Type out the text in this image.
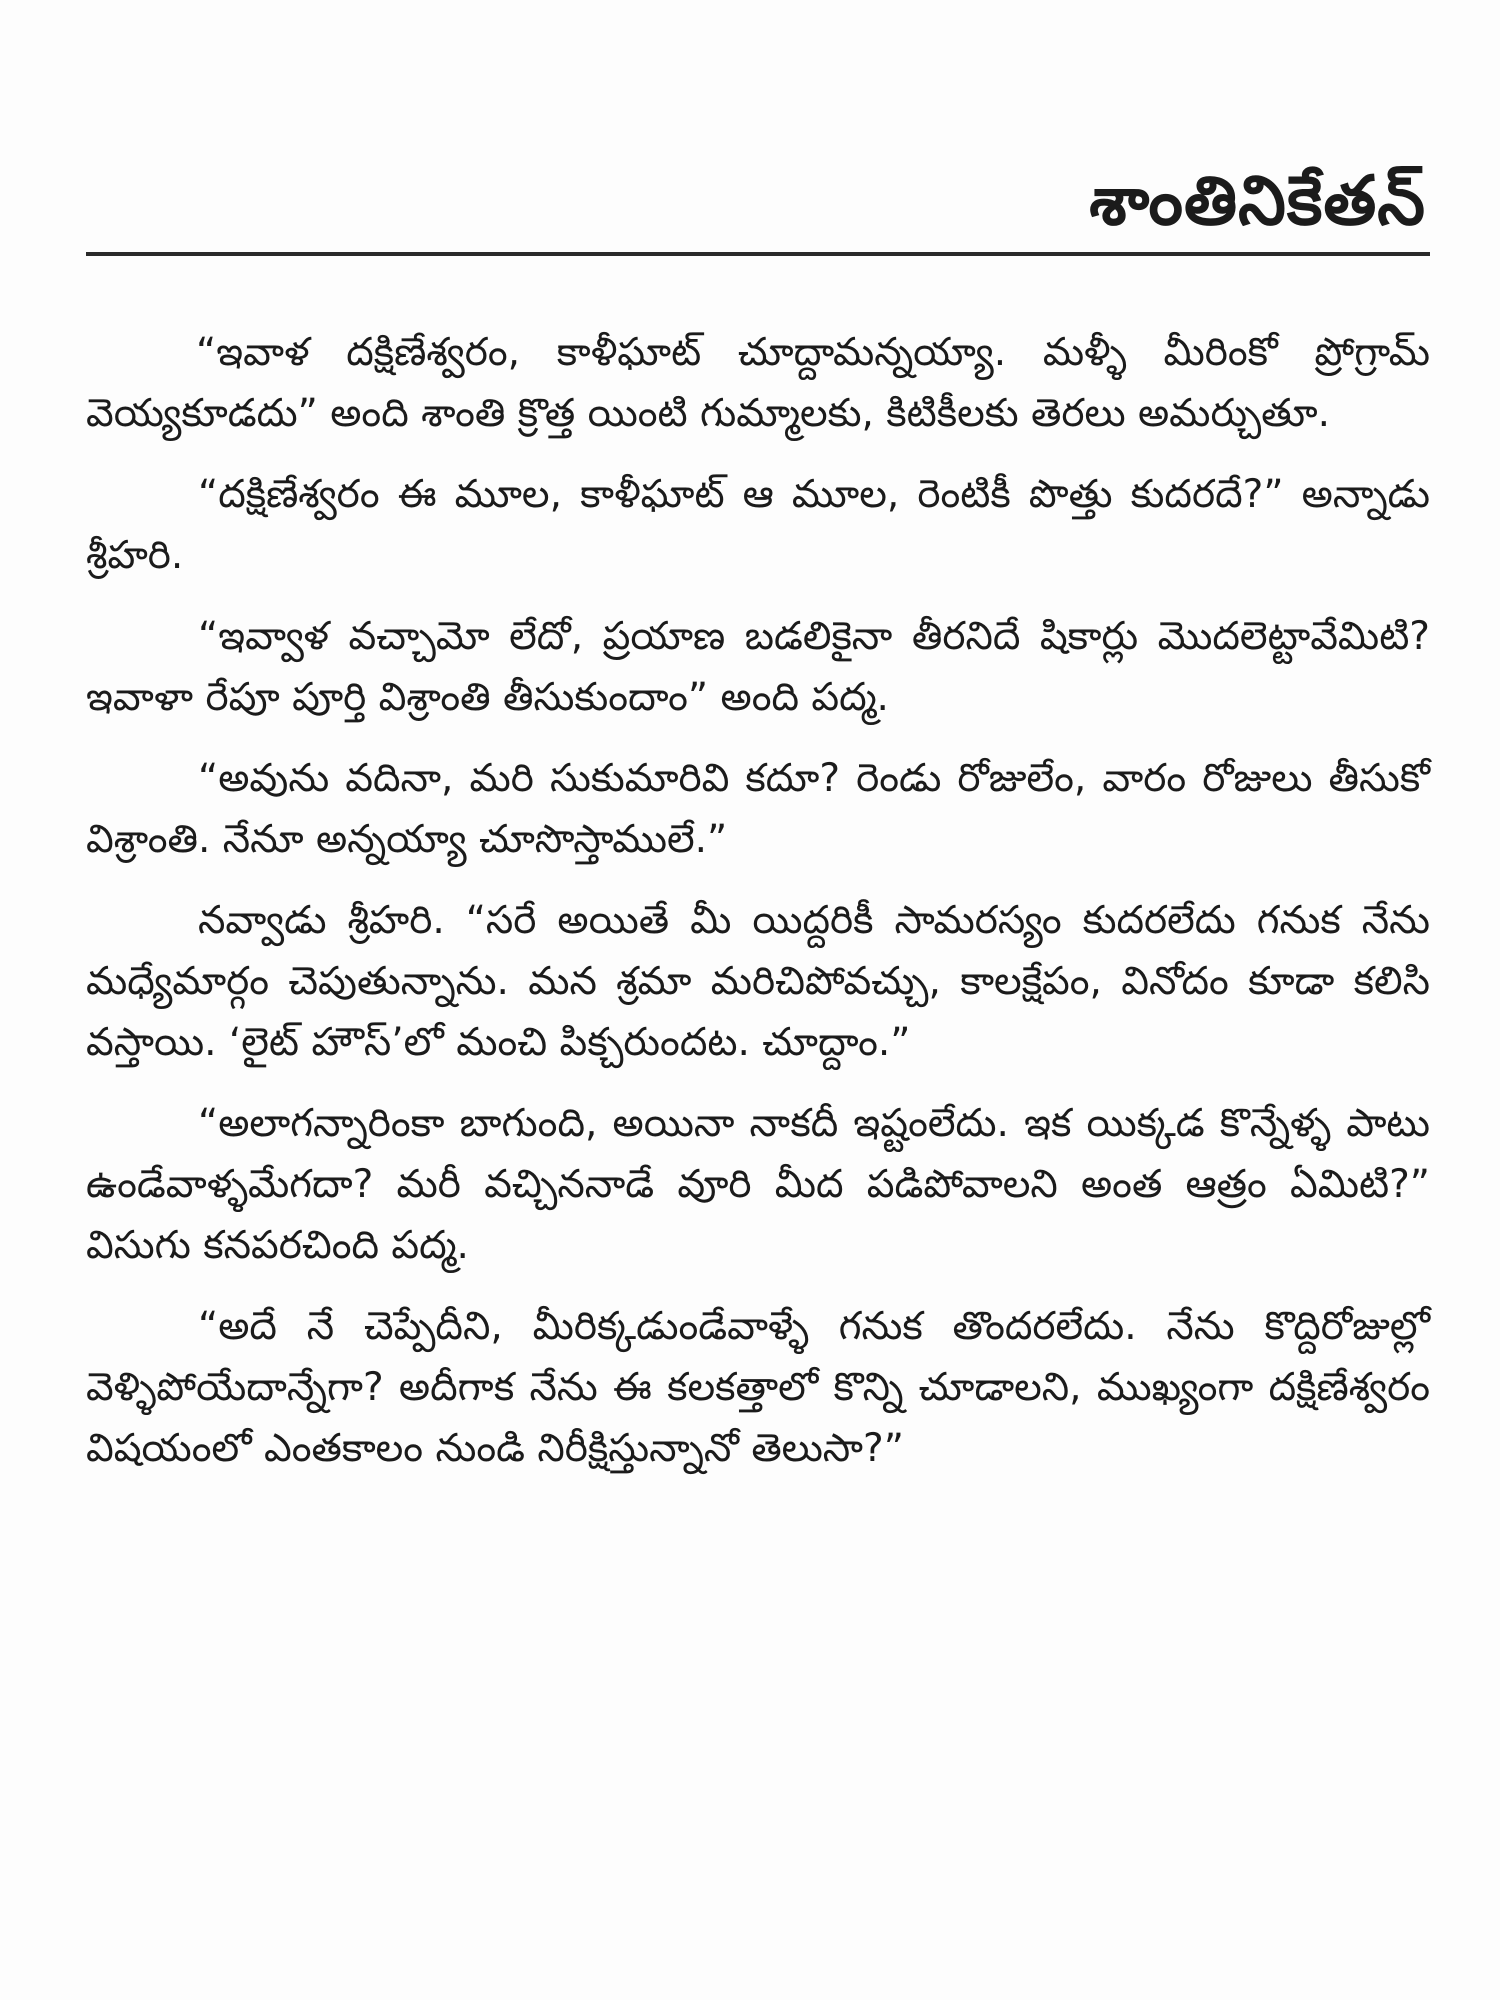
శాంతినికేతన్

“ఇవాళ దక్షిణేశ్వరం, కాళీఘాట్ చూద్దామన్నయ్యా. మళ్ళీ మీరింకో ప్రోగ్రామ్ వెయ్యకూడదు” అంది శాంతి క్రొత్త యింటి గుమ్మాలకు, కిటికీలకు తెరలు అమర్చుతూ.

“దక్షిణేశ్వరం ఈ మూల, కాళీఘాట్ ఆ మూల, రెంటికీ పొత్తు కుదరదే?” అన్నాడు శ్రీహరి.

“ఇవ్వాళ వచ్చామో లేదో, ప్రయాణ బడలికైనా తీరనిదే షికార్లు మొదలెట్టావేమిటి? ఇవాళా రేపూ పూర్తి విశ్రాంతి తీసుకుందాం” అంది పద్మ.

“అవును వదినా, మరి సుకుమారివి కదూ? రెండు రోజులేం, వారం రోజులు తీసుకో విశ్రాంతి. నేనూ అన్నయ్యా చూసొస్తాములే.”

నవ్వాడు శ్రీహరి. “సరే అయితే మీ యిద్దరికీ సామరస్యం కుదరలేదు గనుక నేను మధ్యేమార్గం చెపుతున్నాను. మన శ్రమా మరిచిపోవచ్చు, కాలక్షేపం, వినోదం కూడా కలిసి వస్తాయి. ‘లైట్ హౌస్’లో మంచి పిక్చరుందట. చూద్దాం.”

“అలాగన్నారింకా బాగుంది, అయినా నాకదీ ఇష్టంలేదు. ఇక యిక్కడ కొన్నేళ్ళ పాటు ఉండేవాళ్ళమేగదా? మరీ వచ్చిననాడే వూరి మీద పడిపోవాలని అంత ఆత్రం ఏమిటి?” విసుగు కనపరచింది పద్మ.

“అదే నే చెప్పేదీని, మీరిక్కడుండేవాళ్ళే గనుక తొందరలేదు. నేను కొద్దిరోజుల్లో వెళ్ళిపోయేదాన్నేగా? అదీగాక నేను ఈ కలకత్తాలో కొన్ని చూడాలని, ముఖ్యంగా దక్షిణేశ్వరం విషయంలో ఎంతకాలం నుండి నిరీక్షిస్తున్నానో తెలుసా?”
